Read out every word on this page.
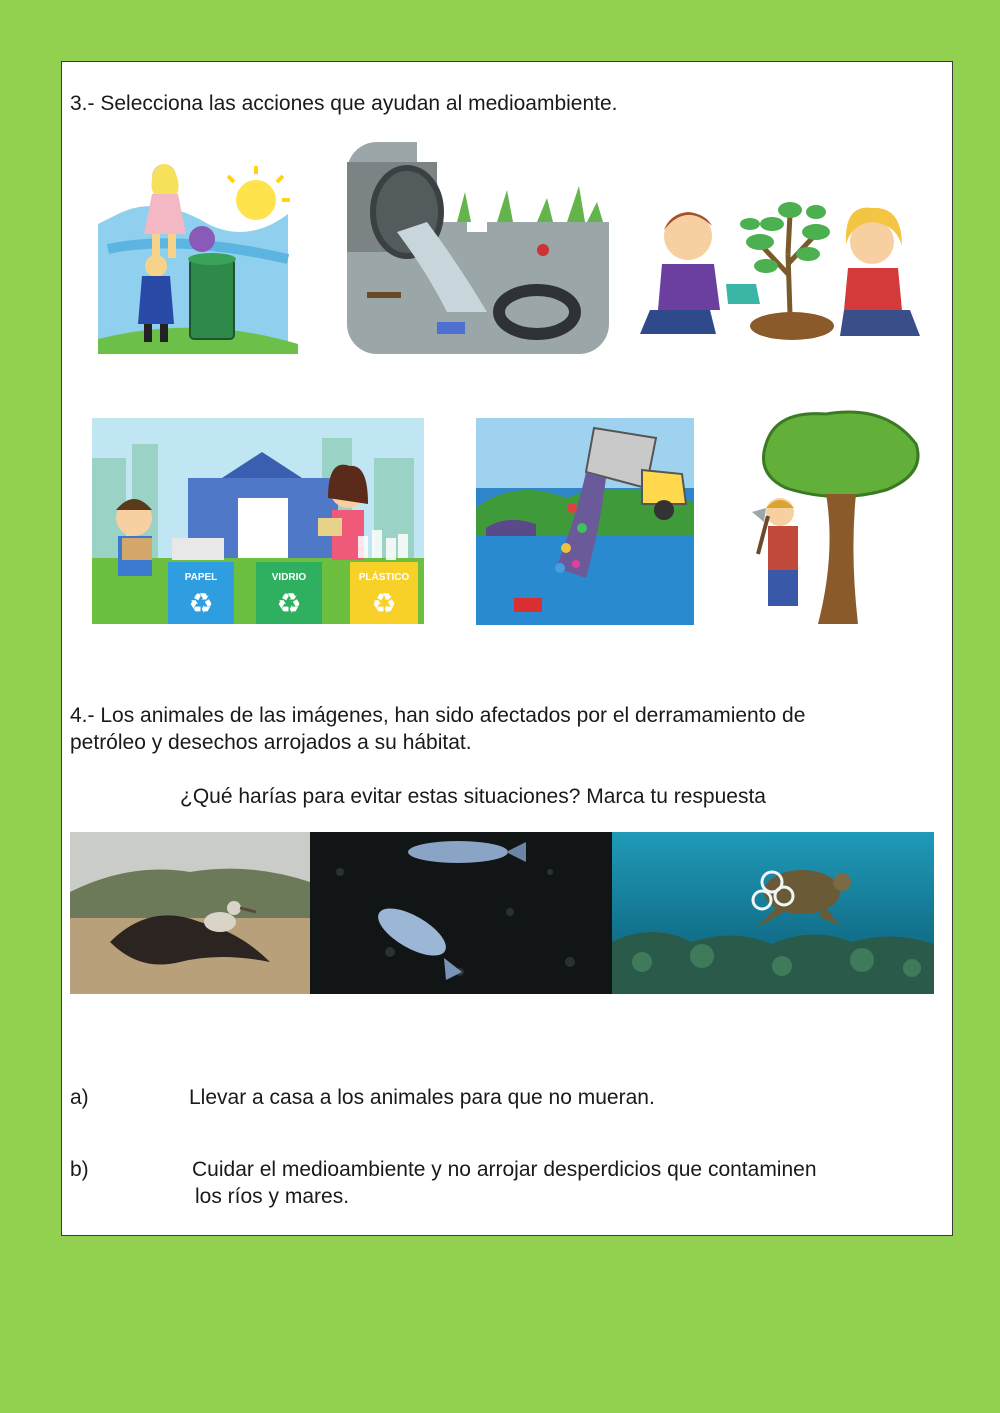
3.- Selecciona las acciones que ayudan al medioambiente.

PAPEL
♻
VIDRIO
♻
PLÁSTICO
♻

4.- Los animales de las imágenes, han sido afectados por el derramamiento de

petróleo y desechos arrojados a su hábitat.

¿Qué harías para evitar estas situaciones? Marca tu respuesta

a)	Llevar a casa a los animales para que no mueran.

b)	Cuidar el medioambiente y no arrojar desperdicios que contaminen

los ríos y mares.
